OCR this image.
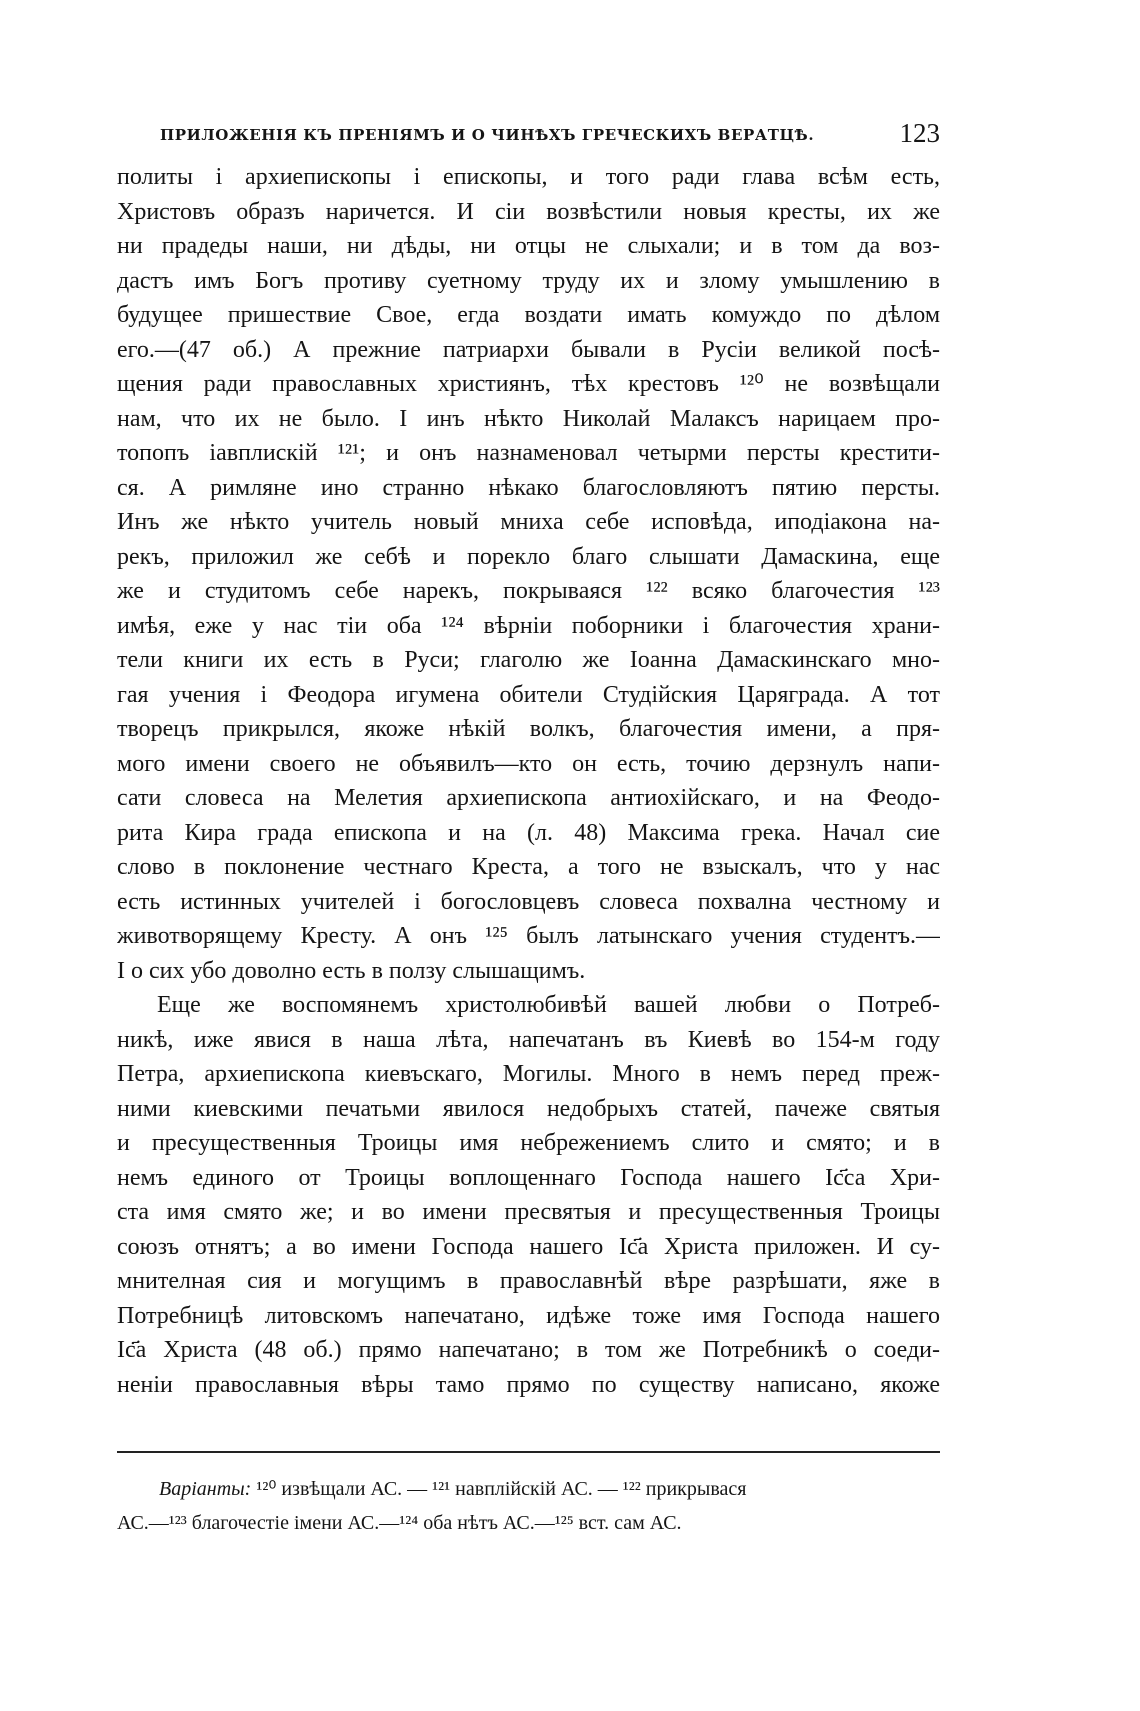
ПРИЛОЖЕНІЯ КЪ ПРЕНІЯМЪ И О ЧИНѢХЪ ГРЕЧЕСКИХЪ ВЕРАТЦѢ.	123
политы і архиепископы і епископы, и того ради глава всѣм есть,
Христовъ образъ наричется. И сіи возвѣстили новыя кресты, их же
ни прадеды наши, ни дѣды, ни отцы не слыхали; и в том да воз-
дастъ имъ Богъ противу суетному труду их и злому умышлению в
будущее пришествие Свое, егда воздати имать комуждо по дѣлом
его.—(47 об.) А прежние патриархи бывали в Русіи великой посѣ-
щения ради православных християнъ, тѣх крестовъ ¹²⁰ не возвѣщали
нам, что их не было. I инъ нѣкто Николай Малаксъ нарицаем про-
топопъ іавплискій ¹²¹; и онъ назнаменовал четырми персты крестити-
ся. А римляне ино странно нѣкако благословляютъ пятию персты.
Инъ же нѣкто учитель новый мниха себе исповѣда, иподіакона на-
рекъ, приложил же себѣ и порекло благо слышати Дамаскина, еще
же и студитомъ себе нарекъ, покрываяся ¹²² всяко благочестия ¹²³
имѣя, еже у нас тіи оба ¹²⁴ вѣрніи поборники і благочестия храни-
тели книги их есть в Руси; глаголю же Іоанна Дамаскинскаго мно-
гая учения і Феодора игумена обители Студійския Царяграда. А тот
творецъ прикрылся, якоже нѣкій волкъ, благочестия имени, а пря-
мого имени своего не объявилъ—кто он есть, точию дерзнулъ напи-
сати словеса на Мелетия архиепископа антиохійскаго, и на Феодо-
рита Кира града епископа и на (л. 48) Максима грека. Начал сие
слово в поклонение честнаго Креста, а того не взыскалъ, что у нас
есть истинных учителей і богословцевъ словеса похвална честному и
животворящему Кресту. А онъ ¹²⁵ былъ латынскаго учения студентъ.—
I о сих убо доволно есть в ползу слышащимъ.
Еще же воспомянемъ христолюбивѣй вашей любви о Потреб-
никѣ, иже явися в наша лѣта, напечатанъ въ Киевѣ во 154-м году
Петра, архиепископа киевъскаго, Могилы. Много в немъ перед преж-
ними киевскими печатьми явилося недобрыхъ статей, пачеже святыя
и пресущественныя Троицы имя небрежениемъ слито и смято; и в
немъ единого от Троицы воплощеннаго Господа нашего Іс҃са Хри-
ста имя смято же; и во имени пресвятыя и пресущественныя Троицы
союзъ отнятъ; а во имени Господа нашего Іс҃а Христа приложен. И су-
мнителная сия и могущимъ в православнѣй вѣре разрѣшати, яже в
Потребницѣ литовскомъ напечатано, идѣже тоже имя Господа нашего
Іс҃а Христа (48 об.) прямо напечатано; в том же Потребникѣ о соеди-
неніи православныя вѣры тамо прямо по существу написано, якоже
Варіанты: ¹²⁰ извѣщали АС. — ¹²¹ навплійскій АС. — ¹²² прикрывася
АС.—¹²³ благочестіе імени АС.—¹²⁴ оба нѣтъ АС.—¹²⁵ вст. сам АС.
